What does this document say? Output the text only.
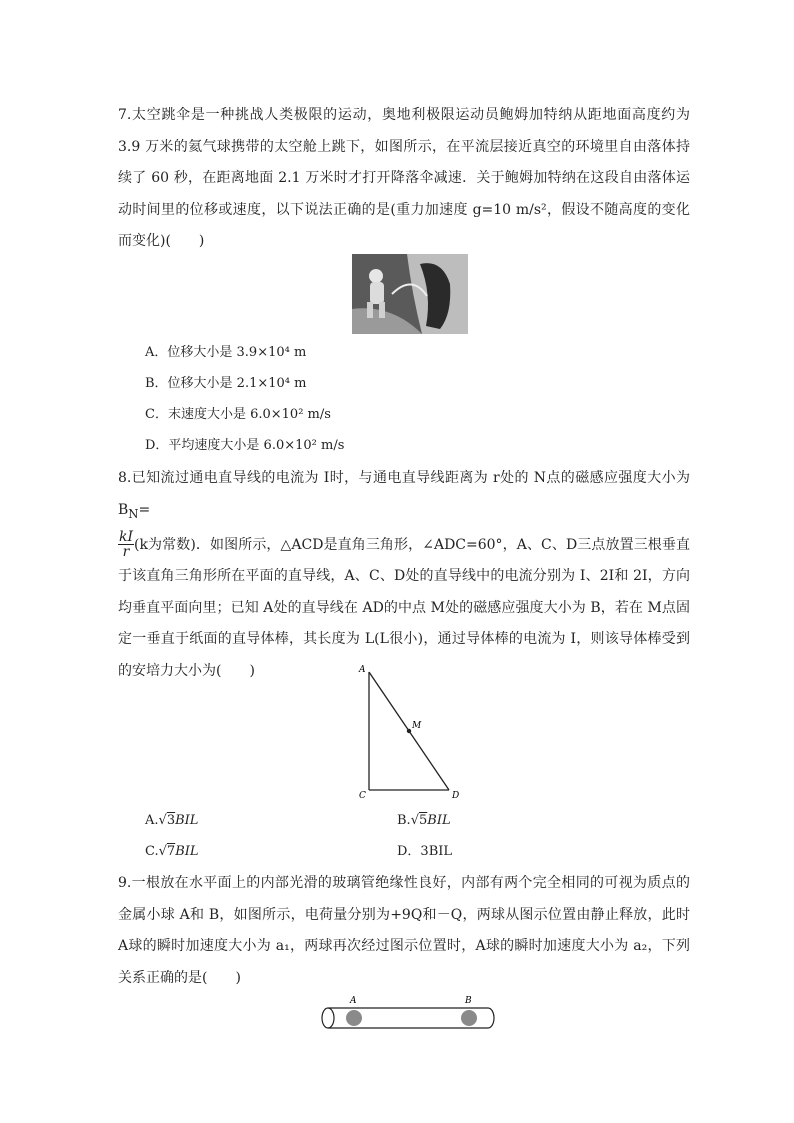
7.太空跳伞是一种挑战人类极限的运动，奥地利极限运动员鲍姆加特纳从距地面高度约为 3.9 万米的氦气球携带的太空舱上跳下，如图所示，在平流层接近真空的环境里自由落体持续了 60 秒，在距离地面 2.1 万米时才打开降落伞减速．关于鲍姆加特纳在这段自由落体运动时间里的位移或速度，以下说法正确的是(重力加速度 g=10 m/s²，假设不随高度的变化而变化)(　　)
A．位移大小是 3.9×10⁴ m
B．位移大小是 2.1×10⁴ m
C．末速度大小是 6.0×10² m/s
D．平均速度大小是 6.0×10² m/s
8.已知流过通电直导线的电流为 I时，与通电直导线距离为 r处的 N点的磁感应强度大小为 $B_N=$

$\frac{kI}{r} (k$为常数)．如图所示，△ACD是直角三角形，∠ADC=60°，A、C、D三点放置三根垂直于该直角三角形所在平面的直导线，A、C、D处的直导线中的电流分别为 I、2I和 2I，方向均垂直平面向里；已知 A处的直导线在 AD的中点 M处的磁感应强度大小为 B，若在 M点固定一垂直于纸面的直导体棒，其长度为 L(L很小)，通过导体棒的电流为 I，则该导体棒受到的安培力大小为(　　)	A
C	D
M
A.√3BIL	B.√5BIL
C.√7BIL	D．3BIL
9.一根放在水平面上的内部光滑的玻璃管绝缘性良好，内部有两个完全相同的可视为质点的金属小球 A和 B，如图所示，电荷量分别为+9Q和－Q，两球从图示位置由静止释放，此时 A球的瞬时加速度大小为 a₁，两球再次经过图示位置时，A球的瞬时加速度大小为 a₂，下列关系正确的是(　　)
A	B
